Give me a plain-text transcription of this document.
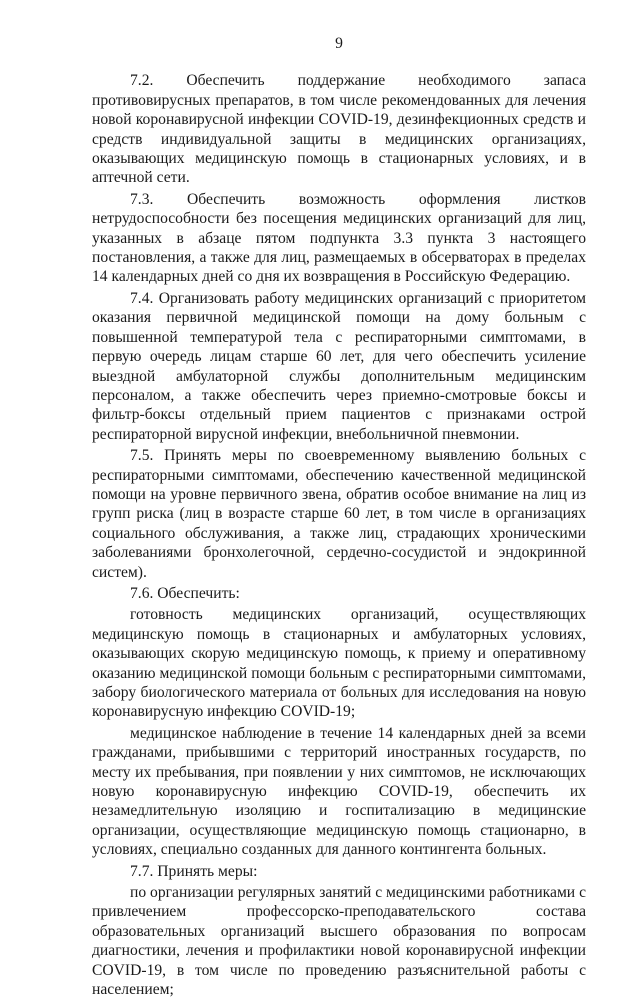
9

7.2. Обеспечить поддержание необходимого запаса противовирусных препаратов, в том числе рекомендованных для лечения новой коронавирусной инфекции COVID-19, дезинфекционных средств и средств индивидуальной защиты в медицинских организациях, оказывающих медицинскую помощь в стационарных условиях, и в аптечной сети.

7.3. Обеспечить возможность оформления листков нетрудоспособности без посещения медицинских организаций для лиц, указанных в абзаце пятом подпункта 3.3 пункта 3 настоящего постановления, а также для лиц, размещаемых в обсерваторах в пределах 14 календарных дней со дня их возвращения в Российскую Федерацию.

7.4. Организовать работу медицинских организаций с приоритетом оказания первичной медицинской помощи на дому больным с повышенной температурой тела с респираторными симптомами, в первую очередь лицам старше 60 лет, для чего обеспечить усиление выездной амбулаторной службы дополнительным медицинским персоналом, а также обеспечить через приемно-смотровые боксы и фильтр-боксы отдельный прием пациентов с признаками острой респираторной вирусной инфекции, внебольничной пневмонии.

7.5. Принять меры по своевременному выявлению больных с респираторными симптомами, обеспечению качественной медицинской помощи на уровне первичного звена, обратив особое внимание на лиц из групп риска (лиц в возрасте старше 60 лет, в том числе в организациях социального обслуживания, а также лиц, страдающих хроническими заболеваниями бронхолегочной, сердечно-сосудистой и эндокринной систем).

7.6. Обеспечить:

готовность медицинских организаций, осуществляющих медицинскую помощь в стационарных и амбулаторных условиях, оказывающих скорую медицинскую помощь, к приему и оперативному оказанию медицинской помощи больным с респираторными симптомами, забору биологического материала от больных для исследования на новую коронавирусную инфекцию COVID-19;

медицинское наблюдение в течение 14 календарных дней за всеми гражданами, прибывшими с территорий иностранных государств, по месту их пребывания, при появлении у них симптомов, не исключающих новую коронавирусную инфекцию COVID-19, обеспечить их незамедлительную изоляцию и госпитализацию в медицинские организации, осуществляющие медицинскую помощь стационарно, в условиях, специально созданных для данного контингента больных.

7.7. Принять меры:

по организации регулярных занятий с медицинскими работниками с привлечением профессорско-преподавательского состава образовательных организаций высшего образования по вопросам диагностики, лечения и профилактики новой коронавирусной инфекции COVID-19, в том числе по проведению разъяснительной работы с населением;
